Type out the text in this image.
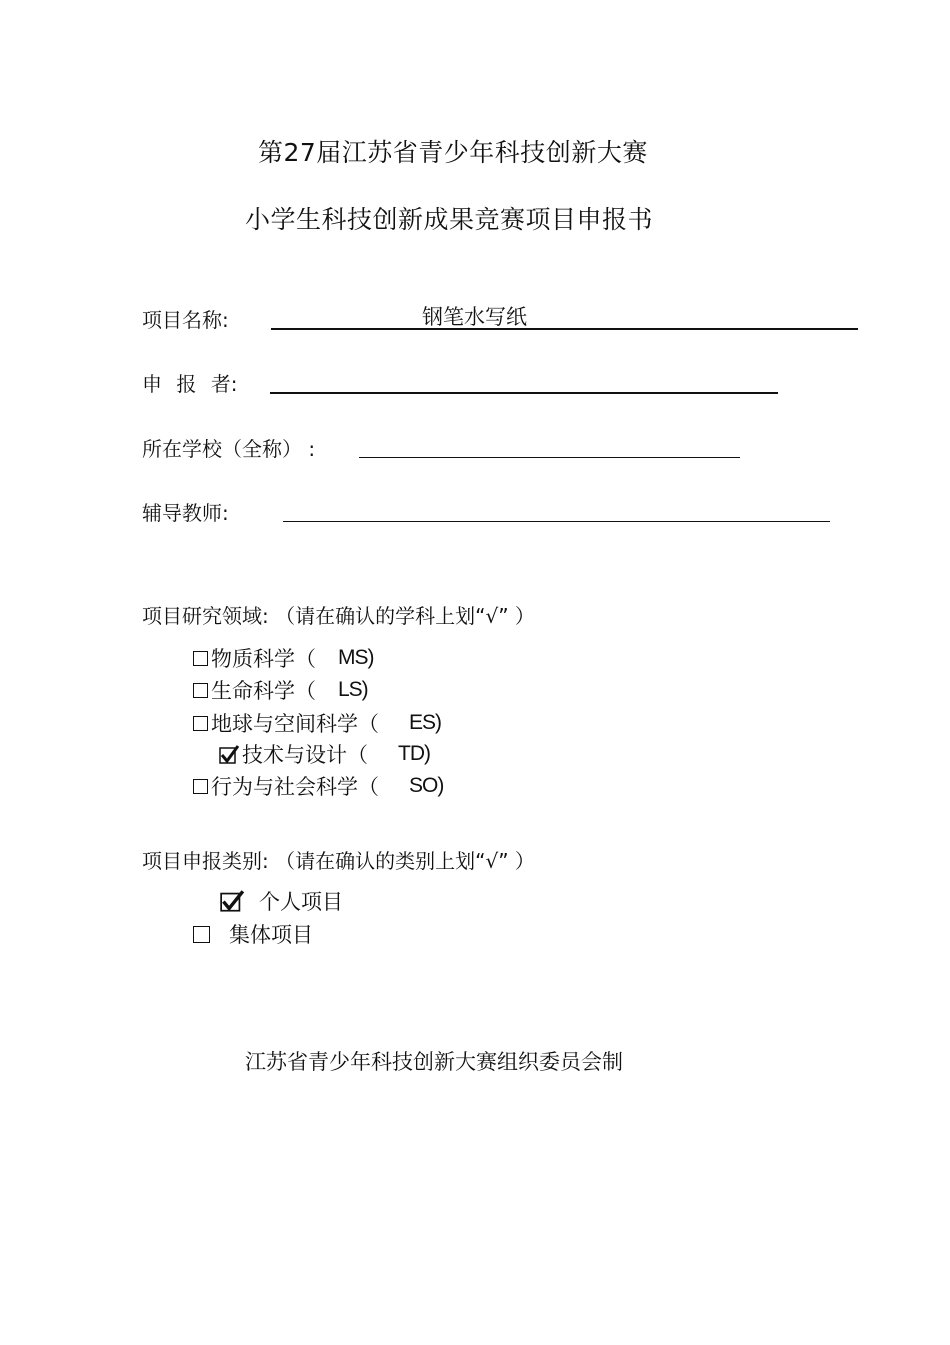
第27届江苏省青少年科技创新大赛
小学生科技创新成果竞赛项目申报书
项目名称:	钢笔水写纸
申 报 者:
所在学校（全称） :
辅导教师:
项目研究领域: （请在确认的学科上划“√” ）
物质科学（ MS)
生命科学（ LS)
地球与空间科学（ ES)
技术与设计（ TD)
行为与社会科学（ SO)
项目申报类别: （请在确认的类别上划“√” ）
个人项目
集体项目
江苏省青少年科技创新大赛组织委员会制
